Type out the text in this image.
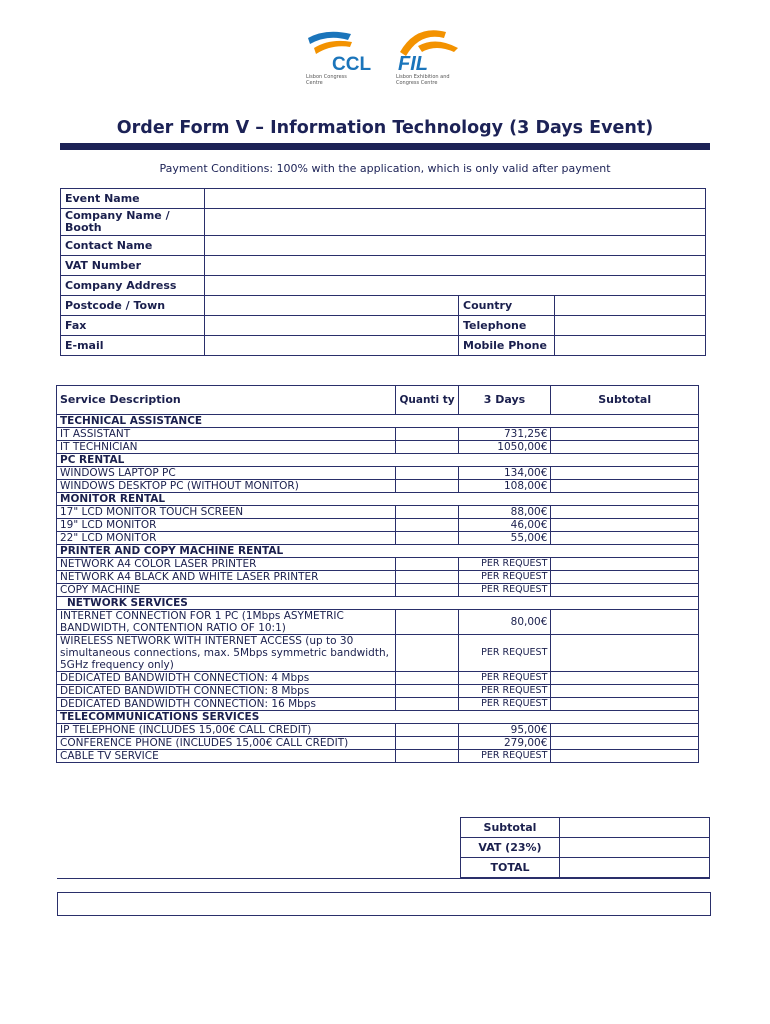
CCL
Lisbon Congress
Centre
FIL
Lisbon Exhibition and
Congress Centre
Order Form V – Information Technology (3 Days Event)
Payment Conditions: 100% with the application, which is only valid after payment
Event Name			
Company Name / Booth			
Contact Name			
VAT Number			
Company Address			
Postcode / Town		Country	
Fax		Telephone	
E-mail		Mobile Phone	
Service Description	Quanti ty	3 Days	Subtotal
TECHNICAL ASSISTANCE			
IT ASSISTANT		731,25€	
IT TECHNICIAN		1050,00€	
PC RENTAL			
WINDOWS LAPTOP PC		134,00€	
WINDOWS DESKTOP PC (WITHOUT MONITOR)		108,00€	
MONITOR RENTAL			
17" LCD MONITOR TOUCH SCREEN		88,00€	
19" LCD MONITOR		46,00€	
22" LCD MONITOR		55,00€	
PRINTER AND COPY MACHINE RENTAL			
NETWORK A4 COLOR LASER PRINTER		PER REQUEST	
NETWORK A4 BLACK AND WHITE LASER PRINTER		PER REQUEST	
COPY MACHINE		PER REQUEST	
NETWORK SERVICES			
INTERNET CONNECTION FOR 1 PC (1Mbps ASYMETRIC BANDWIDTH, CONTENTION RATIO OF 10:1)		80,00€	
WIRELESS NETWORK WITH INTERNET ACCESS (up to 30 simultaneous connections, max. 5Mbps symmetric bandwidth, 5GHz frequency only)		PER REQUEST	
DEDICATED BANDWIDTH CONNECTION: 4 Mbps		PER REQUEST	
DEDICATED BANDWIDTH CONNECTION: 8 Mbps		PER REQUEST	
DEDICATED BANDWIDTH CONNECTION: 16 Mbps		PER REQUEST	
TELECOMMUNICATIONS SERVICES			
IP TELEPHONE (INCLUDES 15,00€ CALL CREDIT)		95,00€	
CONFERENCE PHONE (INCLUDES 15,00€ CALL CREDIT)		279,00€	
CABLE TV SERVICE		PER REQUEST	
Subtotal	
VAT (23%)	
TOTAL	
